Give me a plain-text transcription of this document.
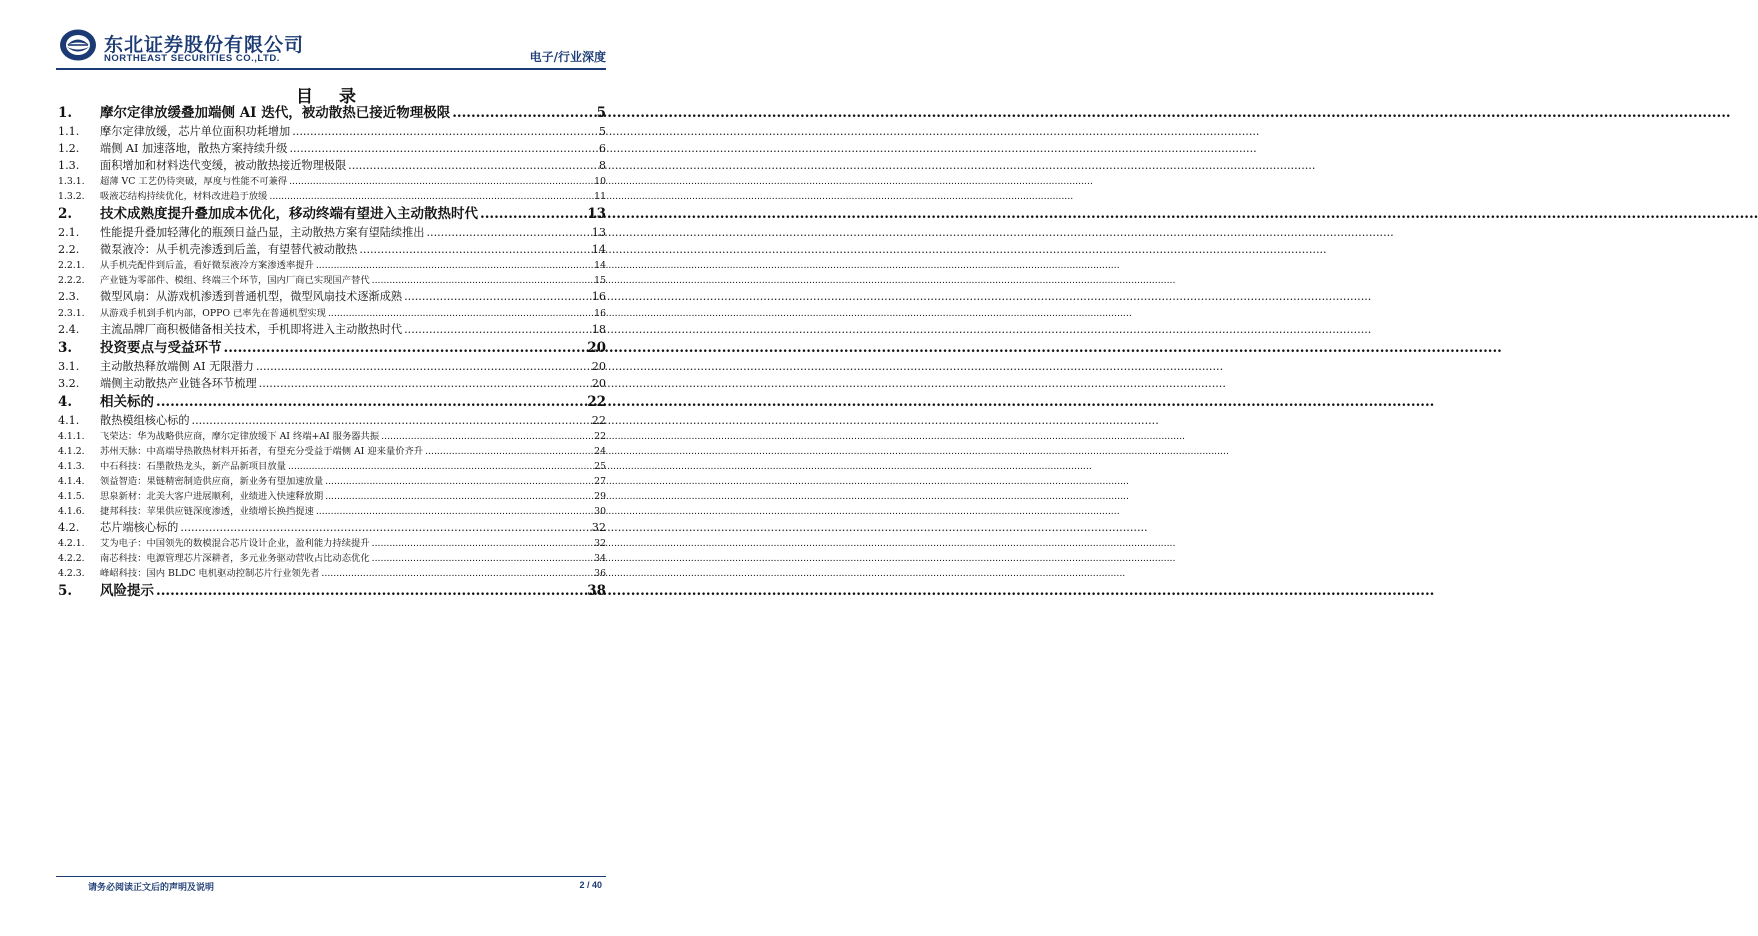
东北证券股份有限公司
NORTHEAST SECURITIES CO.,LTD.	电子/行业深度
目 录
1.	摩尔定律放缓叠加端侧 AI 迭代，被动散热已接近物理极限 .....	5
1.1.	摩尔定律放缓，芯片单位面积功耗增加 .....	5
1.2.	端侧 AI 加速落地，散热方案持续升级 .....	6
1.3.	面积增加和材料迭代变缓，被动散热接近物理极限 .....	8
1.3.1.	超薄 VC 工艺仍待突破，厚度与性能不可兼得 .....	10
1.3.2.	吸液芯结构持续优化，材料改进趋于放缓 .....	11
2.	技术成熟度提升叠加成本优化，移动终端有望进入主动散热时代 .....	13
2.1.	性能提升叠加轻薄化的瓶颈日益凸显，主动散热方案有望陆续推出 .....	13
2.2.	微泵液冷：从手机壳渗透到后盖，有望替代被动散热 .....	14
2.2.1.	从手机壳配件到后盖，看好微泵液冷方案渗透率提升 .....	14
2.2.2.	产业链为零部件、模组、终端三个环节，国内厂商已实现国产替代 .....	15
2.3.	微型风扇：从游戏机渗透到普通机型，微型风扇技术逐渐成熟 .....	16
2.3.1.	从游戏手机到手机内部，OPPO 已率先在普通机型实现 .....	16
2.4.	主流品牌厂商积极储备相关技术，手机即将进入主动散热时代 .....	18
3.	投资要点与受益环节 .....	20
3.1.	主动散热释放端侧 AI 无限潜力 .....	20
3.2.	端侧主动散热产业链各环节梳理 .....	20
4.	相关标的 .....	22
4.1.	散热模组核心标的 .....	22
4.1.1.	飞荣达：华为战略供应商，摩尔定律放缓下 AI 终端+AI 服务器共振 .....	22
4.1.2.	苏州天脉：中高端导热散热材料开拓者，有望充分受益于端侧 AI 迎来量价齐升 .....	24
4.1.3.	中石科技：石墨散热龙头，新产品新项目放量 .....	25
4.1.4.	领益智造：果链精密制造供应商，新业务有望加速放量 .....	27
4.1.5.	思泉新材：北美大客户进展顺利，业绩进入快速释放期 .....	29
4.1.6.	捷邦科技：苹果供应链深度渗透，业绩增长换挡提速 .....	30
4.2.	芯片端核心标的 .....	32
4.2.1.	艾为电子：中国领先的数模混合芯片设计企业，盈利能力持续提升 .....	32
4.2.2.	南芯科技：电源管理芯片深耕者，多元业务驱动营收占比动态优化 .....	34
4.2.3.	峰岹科技：国内 BLDC 电机驱动控制芯片行业领先者 .....	36
5.	风险提示 .....	38
请务必阅读正文后的声明及说明	2 / 40
